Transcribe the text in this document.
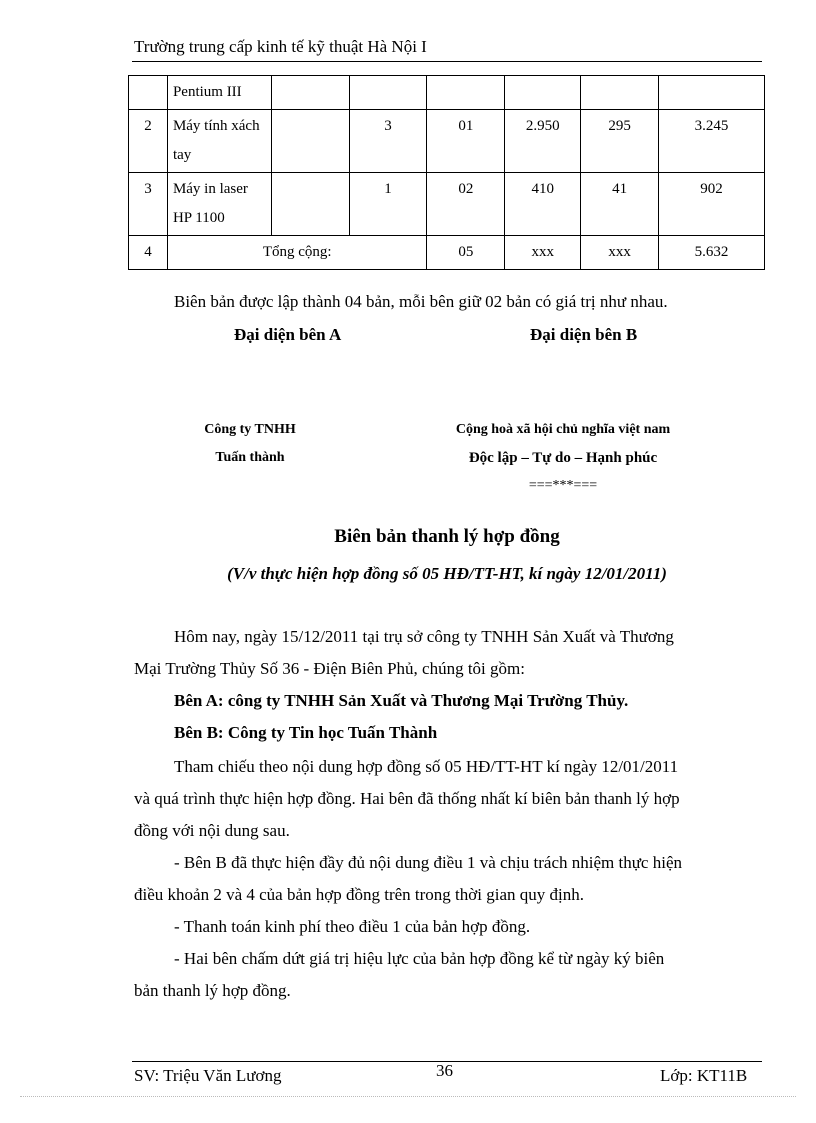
Trường trung cấp kinh tế kỹ thuật Hà Nội I
	Pentium III						
2	Máy tính xách tay		3	01	2.950	295	3.245
3	Máy in laser HP 1100		1	02	410	41	902
4	Tổng cộng:			05	xxx	xxx	5.632
Biên bản được lập thành 04 bản, mỗi bên giữ 02 bản có giá trị như nhau.
Đại diện bên A	Đại diện bên B
Công ty TNHH
Tuấn thành
Cộng hoà xã hội chủ nghĩa việt nam
Độc lập – Tự do – Hạnh phúc
===***===
Biên bản thanh lý hợp đồng
(V/v thực hiện hợp đồng số 05 HĐ/TT-HT, kí ngày 12/01/2011)
Hôm nay, ngày 15/12/2011 tại trụ sở công ty TNHH Sản Xuất và Thương
Mại Trường Thủy Số 36 - Điện Biên Phủ, chúng tôi gồm:
Bên A: công ty TNHH Sản Xuất và Thương Mại Trường Thủy.
Bên B: Công ty Tin học Tuấn Thành
Tham chiếu theo nội dung hợp đồng số 05 HĐ/TT-HT kí ngày 12/01/2011
và quá trình thực hiện hợp đồng. Hai bên đã thống nhất kí biên bản thanh lý hợp
đồng với nội dung sau.
- Bên B đã thực hiện đầy đủ nội dung điều 1 và chịu trách nhiệm thực hiện
điều khoản 2 và 4 của bản hợp đồng trên trong thời gian quy định.
- Thanh toán kinh phí theo điều 1 của bản hợp đồng.
- Hai bên chấm dứt giá trị hiệu lực của bản hợp đồng kể từ ngày ký biên
bản thanh lý hợp đồng.
SV: Triệu Văn Lương	36	Lớp: KT11B
